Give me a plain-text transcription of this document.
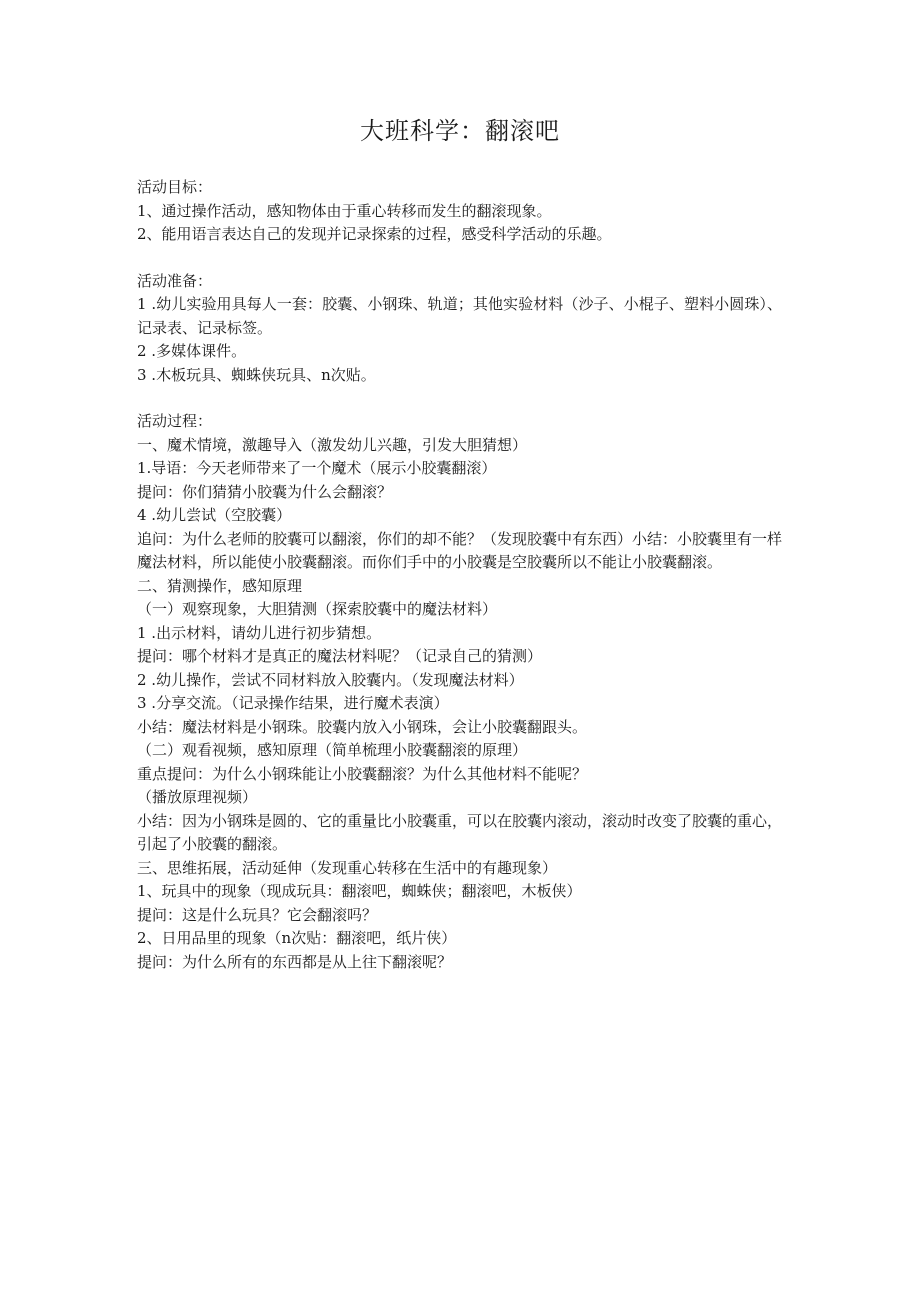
大班科学：翻滚吧
活动目标：
1、通过操作活动，感知物体由于重心转移而发生的翻滚现象。
2、能用语言表达自己的发现并记录探索的过程，感受科学活动的乐趣。
活动准备：
1 .幼儿实验用具每人一套：胶囊、小钢珠、轨道；其他实验材料（沙子、小棍子、塑料小圆珠）、记录表、记录标签。
2 .多媒体课件。
3 .木板玩具、蜘蛛侠玩具、n次贴。
活动过程：
一、魔术情境，激趣导入（激发幼儿兴趣，引发大胆猜想）
1.导语：今天老师带来了一个魔术（展示小胶囊翻滚）
提问：你们猜猜小胶囊为什么会翻滚？
4 .幼儿尝试（空胶囊）
追问：为什么老师的胶囊可以翻滚，你们的却不能？（发现胶囊中有东西）小结：小胶囊里有一样魔法材料，所以能使小胶囊翻滚。而你们手中的小胶囊是空胶囊所以不能让小胶囊翻滚。
二、猜测操作，感知原理
（一）观察现象，大胆猜测（探索胶囊中的魔法材料）
1 .出示材料，请幼儿进行初步猜想。
提问：哪个材料才是真正的魔法材料呢？（记录自己的猜测）
2 .幼儿操作，尝试不同材料放入胶囊内。（发现魔法材料）
3 .分享交流。（记录操作结果，进行魔术表演）
小结：魔法材料是小钢珠。胶囊内放入小钢珠，会让小胶囊翻跟头。
（二）观看视频，感知原理（简单梳理小胶囊翻滚的原理）
重点提问：为什么小钢珠能让小胶囊翻滚？为什么其他材料不能呢？
（播放原理视频）
小结：因为小钢珠是圆的、它的重量比小胶囊重，可以在胶囊内滚动，滚动时改变了胶囊的重心，引起了小胶囊的翻滚。
三、思维拓展，活动延伸（发现重心转移在生活中的有趣现象）
1、玩具中的现象（现成玩具：翻滚吧，蜘蛛侠；翻滚吧，木板侠）
提问：这是什么玩具？它会翻滚吗？
2、日用品里的现象（n次贴：翻滚吧，纸片侠）
提问：为什么所有的东西都是从上往下翻滚呢？
